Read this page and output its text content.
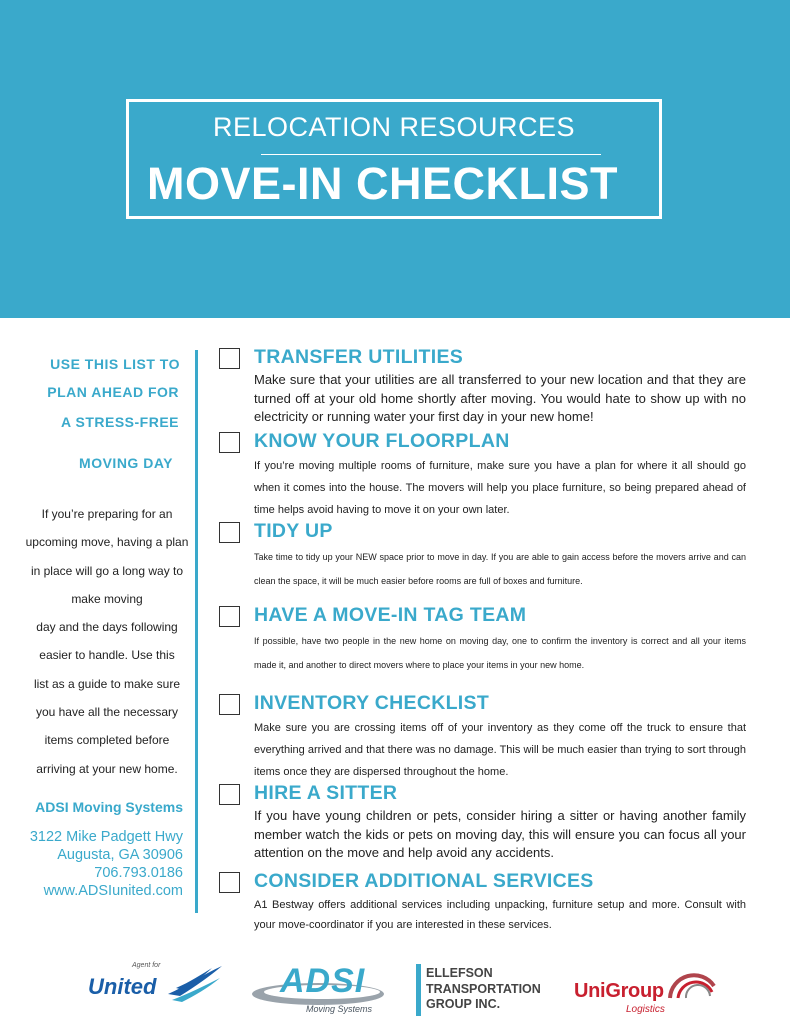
RELOCATION RESOURCES
MOVE-IN CHECKLIST
USE THIS LIST TO
PLAN AHEAD FOR
A STRESS-FREE
MOVING DAY
If you’re preparing for an
upcoming move, having a plan
in place will go a long way to
make moving
day and the days following
easier to handle. Use this
list as a guide to make sure
you have all the necessary
items completed before
arriving at your new home.
ADSI Moving Systems
3122 Mike Padgett Hwy
Augusta, GA 30906
706.793.0186
www.ADSIunited.com
TRANSFER UTILITIES

Make sure that your utilities are all transferred to your new location and that they are turned off at your old home shortly after moving. You would hate to show up with no electricity or running water your first day in your new home!

KNOW YOUR FLOORPLAN

If you’re moving multiple rooms of furniture, make sure you have a plan for where it all should go when it comes into the house. The movers will help you place furniture, so being prepared ahead of time helps avoid having to move it on your own later.

TIDY UP

Take time to tidy up your NEW space prior to move in day. If you are able to gain access before the movers arrive and can clean the space, it will be much easier before rooms are full of boxes and furniture.

HAVE A MOVE-IN TAG TEAM

If possible, have two people in the new home on moving day, one to confirm the inventory is correct and all your items made it, and another to direct movers where to place your items in your new home.

INVENTORY CHECKLIST

Make sure you are crossing items off of your inventory as they come off the truck to ensure that everything arrived and that there was no damage. This will be much easier than trying to sort through items once they are dispersed throughout the home.

HIRE A SITTER

If you have young children or pets, consider hiring a sitter or having another family member watch the kids or pets on moving day, this will ensure you can focus all your attention on the move and help avoid any accidents.

CONSIDER ADDITIONAL SERVICES

A1 Bestway offers additional services including unpacking, furniture setup and more. Consult with your move-coordinator if you are interested in these services.

Agent for
United	ADSI
Moving Systems
ELLEFSON
TRANSPORTATION
GROUP INC.
UniGroup
Logistics
